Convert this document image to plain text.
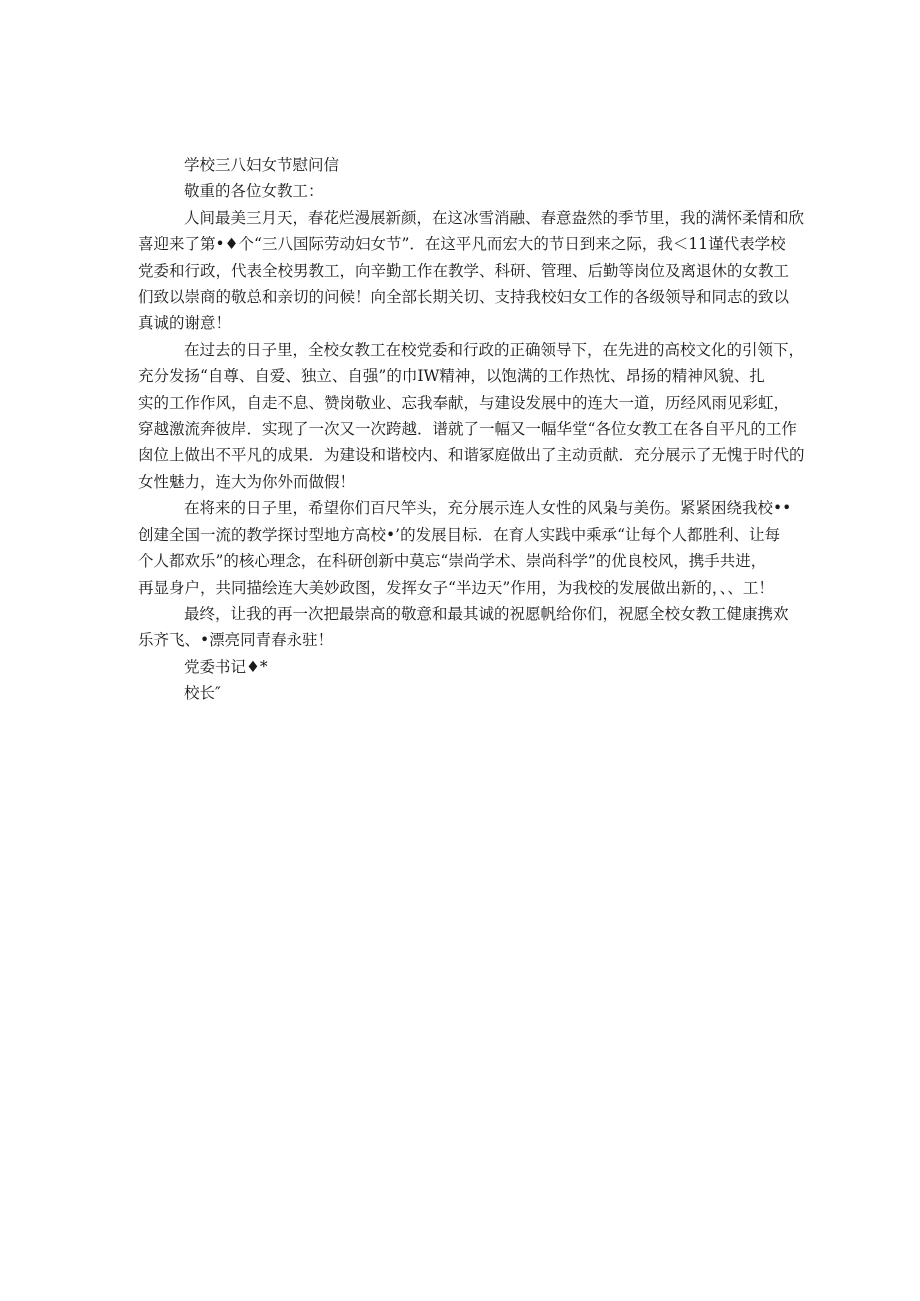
学校三八妇女节慰问信

敬重的各位女教工：

人间最美三月天，春花烂漫展新颜，在这冰雪消融、春意盎然的季节里，我的满怀柔情和欣

喜迎来了第•♦个“三八国际劳动妇女节”．在这平凡而宏大的节日到来之际，我＜11谨代表学校

党委和行政，代表全校男教工，向辛勤工作在教学、科研、管理、后勤等岗位及离退休的女教工

们致以崇商的敬总和亲切的问候！向全部长期关切、支持我校妇女工作的各级领导和同志的致以

真诚的谢意！

在过去的日子里，全校女教工在校党委和行政的正确领导下，在先进的高校文化的引领下，

充分发扬“自尊、自爱、独立、自强”的巾IW精神，以饱满的工作热忱、昂扬的精神风貌、扎

实的工作作风，自走不息、赞岗敬业、忘我奉献，与建设发展中的连大一道，历经风雨见彩虹，

穿越激流奔彼岸．实现了一次又一次跨越．谱就了一幅又一幅华堂“各位女教工在各自平凡的工作

囱位上做出不平凡的成果．为建设和谐校内、和谐冢庭做出了主动贡献．充分展示了无愧于时代的

女性魅力，连大为你外而做假！

在将来的日子里，希望你们百尺竿头，充分展示连人女性的风枭与美伤。紧紧困绕我校••

创建全国一流的教学探讨型地方高校•’的发展目标．在育人实践中乘承“让每个人都胜利、让每

个人都欢乐”的核心理念，在科研创新中莫忘“崇尚学术、崇尚科学”的优良校风，携手共进，

再显身户，共同描绘连大美妙政图，发挥女子“半边天”作用，为我校的发展做出新的，、、工！

最终，让我的再一次把最崇高的敬意和最其诚的祝愿帆给你们，祝愿全校女教工健康携欢

乐齐飞、•漂亮同青春永驻！

党委书记♦*

校长″
